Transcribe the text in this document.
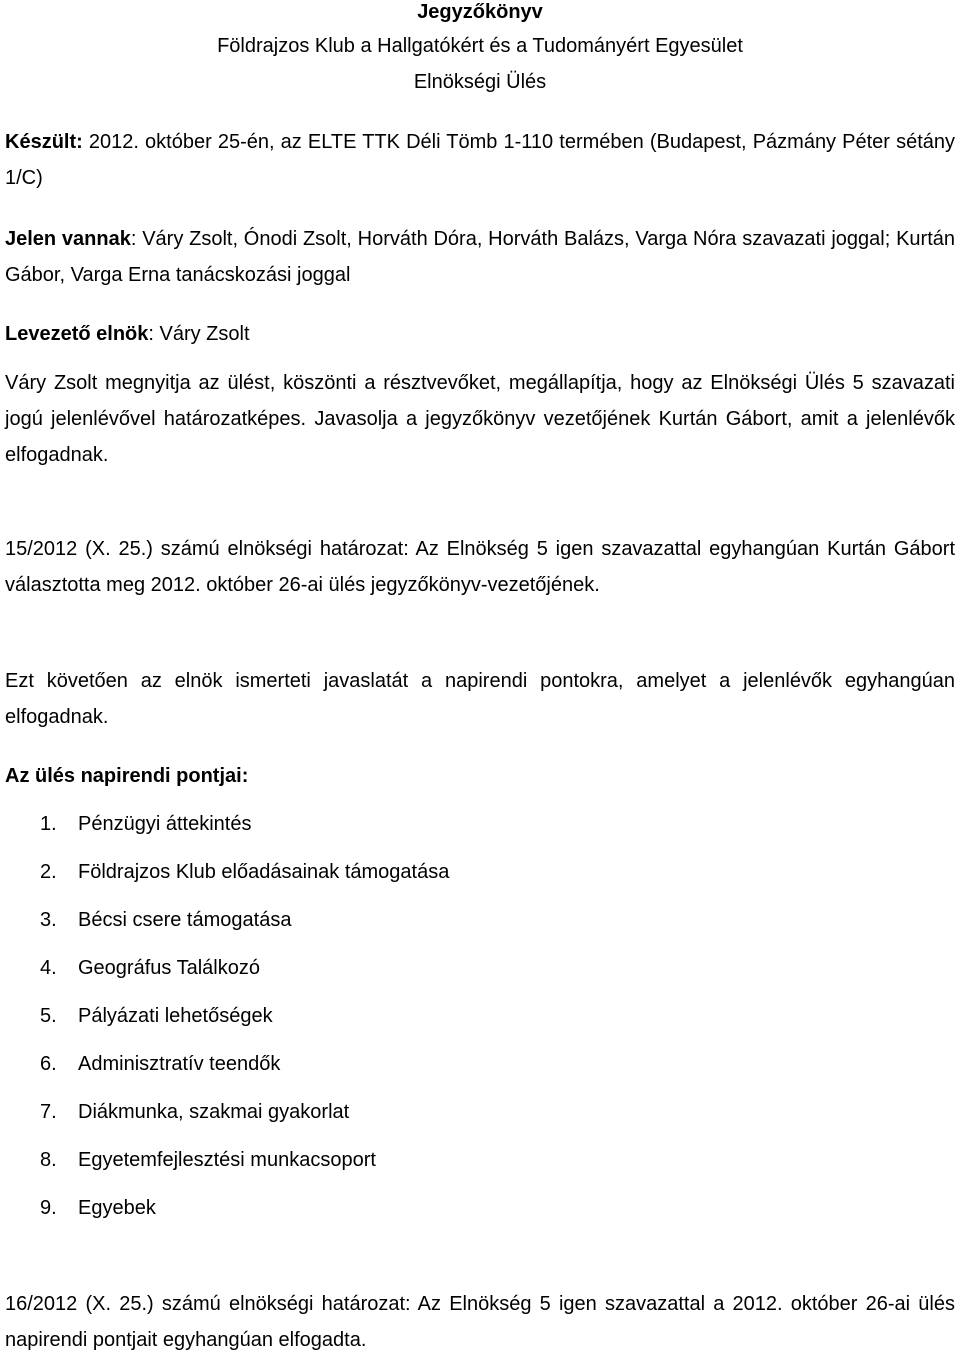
Jegyzőkönyv
Földrajzos Klub a Hallgatókért és a Tudományért Egyesület
Elnökségi Ülés
Készült: 2012. október 25-én, az ELTE TTK Déli Tömb 1-110 termében (Budapest, Pázmány Péter sétány 1/C)
Jelen vannak: Váry Zsolt, Ónodi Zsolt, Horváth Dóra, Horváth Balázs, Varga Nóra szavazati joggal; Kurtán Gábor, Varga Erna tanácskozási joggal
Levezető elnök: Váry Zsolt
Váry Zsolt megnyitja az ülést, köszönti a résztvevőket, megállapítja, hogy az Elnökségi Ülés 5 szavazati jogú jelenlévővel határozatképes. Javasolja a jegyzőkönyv vezetőjének Kurtán Gábort, amit a jelenlévők elfogadnak.
15/2012 (X. 25.) számú elnökségi határozat: Az Elnökség 5 igen szavazattal egyhangúan Kurtán Gábort választotta meg 2012. október 26-ai ülés jegyzőkönyv-vezetőjének.
Ezt követően az elnök ismerteti javaslatát a napirendi pontokra, amelyet a jelenlévők egyhangúan elfogadnak.
Az ülés napirendi pontjai:
1. Pénzügyi áttekintés
2. Földrajzos Klub előadásainak támogatása
3. Bécsi csere támogatása
4. Geográfus Találkozó
5. Pályázati lehetőségek
6. Adminisztratív teendők
7. Diákmunka, szakmai gyakorlat
8. Egyetemfejlesztési munkacsoport
9. Egyebek
16/2012 (X. 25.) számú elnökségi határozat: Az Elnökség 5 igen szavazattal a 2012. október 26-ai ülés napirendi pontjait egyhangúan elfogadta.
